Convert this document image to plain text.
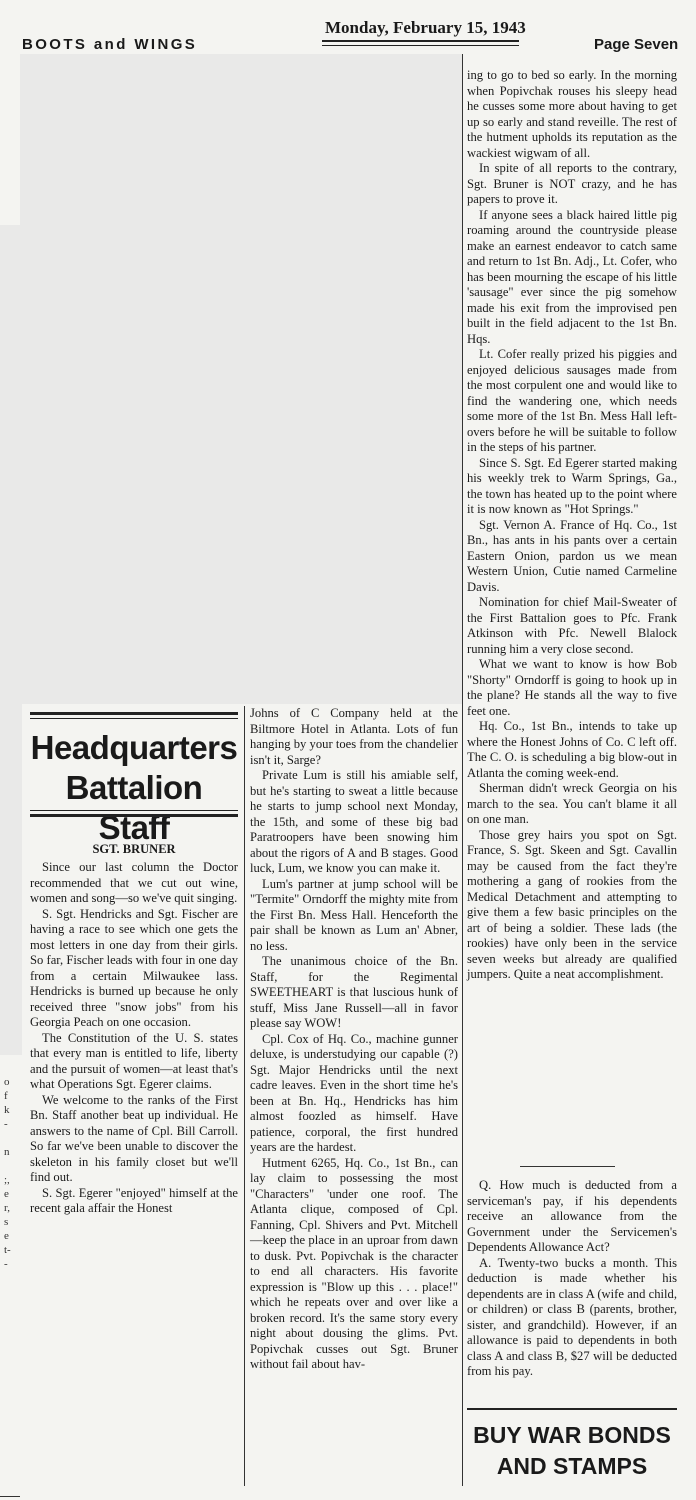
BOOTS and WINGS
Monday, February 15, 1943
Page Seven
o
f
k
-
n
;,
e
r,
s
e
t-
-
Headquarters
Battalion Staff
SGT. BRUNER

Since our last column the Doctor recommended that we cut out wine, women and song—so we've quit singing.

S. Sgt. Hendricks and Sgt. Fischer are having a race to see which one gets the most letters in one day from their girls. So far, Fischer leads with four in one day from a certain Milwaukee lass. Hendricks is burned up because he only received three "snow jobs" from his Georgia Peach on one occasion.

The Constitution of the U. S. states that every man is entitled to life, liberty and the pursuit of women—at least that's what Operations Sgt. Egerer claims.

We welcome to the ranks of the First Bn. Staff another beat up individual. He answers to the name of Cpl. Bill Carroll. So far we've been unable to discover the skeleton in his family closet but we'll find out.

S. Sgt. Egerer "enjoyed" himself at the recent gala affair the Honest

Johns of C Company held at the Biltmore Hotel in Atlanta. Lots of fun hanging by your toes from the chandelier isn't it, Sarge?

Private Lum is still his amiable self, but he's starting to sweat a little because he starts to jump school next Monday, the 15th, and some of these big bad Paratroopers have been snowing him about the rigors of A and B stages. Good luck, Lum, we know you can make it.

Lum's partner at jump school will be "Termite" Orndorff the mighty mite from the First Bn. Mess Hall. Henceforth the pair shall be known as Lum an' Abner, no less.

The unanimous choice of the Bn. Staff, for the Regimental SWEETHEART is that luscious hunk of stuff, Miss Jane Russell—all in favor please say WOW!

Cpl. Cox of Hq. Co., machine gunner deluxe, is understudying our capable (?) Sgt. Major Hendricks until the next cadre leaves. Even in the short time he's been at Bn. Hq., Hendricks has him almost foozled as himself. Have patience, corporal, the first hundred years are the hardest.

Hutment 6265, Hq. Co., 1st Bn., can lay claim to possessing the most "Characters" 'under one roof. The Atlanta clique, composed of Cpl. Fanning, Cpl. Shivers and Pvt. Mitchell—keep the place in an uproar from dawn to dusk. Pvt. Popivchak is the character to end all characters. His favorite expression is "Blow up this . . . place!" which he repeats over and over like a broken record. It's the same story every night about dousing the glims. Pvt. Popivchak cusses out Sgt. Bruner without fail about hav-

ing to go to bed so early. In the morning when Popivchak rouses his sleepy head he cusses some more about having to get up so early and stand reveille. The rest of the hutment upholds its reputation as the wackiest wigwam of all.

In spite of all reports to the contrary, Sgt. Bruner is NOT crazy, and he has papers to prove it.

If anyone sees a black haired little pig roaming around the countryside please make an earnest endeavor to catch same and return to 1st Bn. Adj., Lt. Cofer, who has been mourning the escape of his little 'sausage" ever since the pig somehow made his exit from the improvised pen built in the field adjacent to the 1st Bn. Hqs.

Lt. Cofer really prized his piggies and enjoyed delicious sausages made from the most corpulent one and would like to find the wandering one, which needs some more of the 1st Bn. Mess Hall left-overs before he will be suitable to follow in the steps of his partner.

Since S. Sgt. Ed Egerer started making his weekly trek to Warm Springs, Ga., the town has heated up to the point where it is now known as "Hot Springs."

Sgt. Vernon A. France of Hq. Co., 1st Bn., has ants in his pants over a certain Eastern Onion, pardon us we mean Western Union, Cutie named Carmeline Davis.

Nomination for chief Mail-Sweater of the First Battalion goes to Pfc. Frank Atkinson with Pfc. Newell Blalock running him a very close second.

What we want to know is how Bob "Shorty" Orndorff is going to hook up in the plane? He stands all the way to five feet one.

Hq. Co., 1st Bn., intends to take up where the Honest Johns of Co. C left off. The C. O. is scheduling a big blow-out in Atlanta the coming week-end.

Sherman didn't wreck Georgia on his march to the sea. You can't blame it all on one man.

Those grey hairs you spot on Sgt. France, S. Sgt. Skeen and Sgt. Cavallin may be caused from the fact they're mothering a gang of rookies from the Medical Detachment and attempting to give them a few basic principles on the art of being a soldier. These lads (the rookies) have only been in the service seven weeks but already are qualified jumpers. Quite a neat accomplishment.

Q. How much is deducted from a serviceman's pay, if his dependents receive an allowance from the Government under the Servicemen's Dependents Allowance Act?

A. Twenty-two bucks a month. This deduction is made whether his dependents are in class A (wife and child, or children) or class B (parents, brother, sister, and grandchild). However, if an allowance is paid to dependents in both class A and class B, $27 will be deducted from his pay.

BUY WAR BONDS
AND STAMPS
